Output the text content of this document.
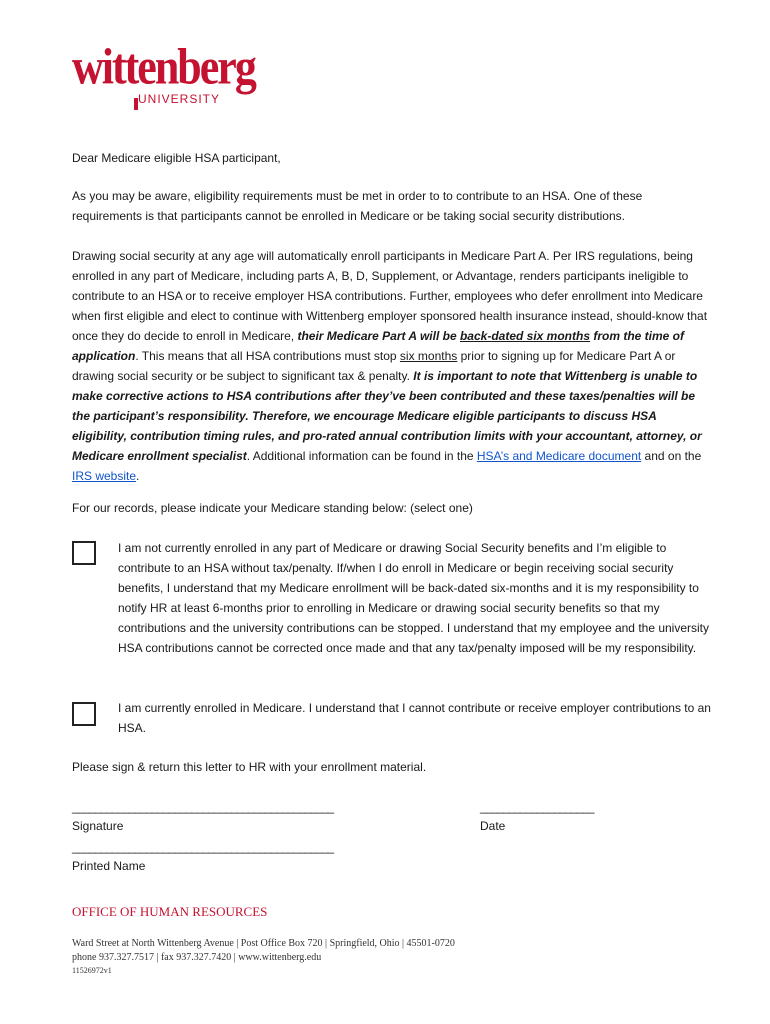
wittenberg
UNIVERSITY
Dear Medicare eligible HSA participant,
As you may be aware, eligibility requirements must be met in order to to contribute to an HSA. One of these requirements is that participants cannot be enrolled in Medicare or be taking social security distributions.
Drawing social security at any age will automatically enroll participants in Medicare Part A. Per IRS regulations, being enrolled in any part of Medicare, including parts A, B, D, Supplement, or Advantage, renders participants ineligible to contribute to an HSA or to receive employer HSA contributions. Further, employees who defer enrollment into Medicare when first eligible and elect to continue with Wittenberg employer sponsored health insurance instead, should-know that once they do decide to enroll in Medicare, their Medicare Part A will be back-dated six months from the time of application. This means that all HSA contributions must stop six months prior to signing up for Medicare Part A or drawing social security or be subject to significant tax & penalty. It is important to note that Wittenberg is unable to make corrective actions to HSA contributions after they’ve been contributed and these taxes/penalties will be the participant’s responsibility. Therefore, we encourage Medicare eligible participants to discuss HSA eligibility, contribution timing rules, and pro-rated annual contribution limits with your accountant, attorney, or Medicare enrollment specialist. Additional information can be found in the HSA’s and Medicare document and on the IRS website.
For our records, please indicate your Medicare standing below: (select one)
I am not currently enrolled in any part of Medicare or drawing Social Security benefits and I’m eligible to contribute to an HSA without tax/penalty. If/when I do enroll in Medicare or begin receiving social security benefits, I understand that my Medicare enrollment will be back-dated six-months and it is my responsibility to notify HR at least 6-months prior to enrolling in Medicare or drawing social security benefits so that my contributions and the university contributions can be stopped. I understand that my employee and the university HSA contributions cannot be corrected once made and that any tax/penalty imposed will be my responsibility.
I am currently enrolled in Medicare. I understand that I cannot contribute or receive employer contributions to an HSA.
Please sign & return this letter to HR with your enrollment material.
______________________________________________	____________________
Signature	Date
______________________________________________
Printed Name
OFFICE OF HUMAN RESOURCES
Ward Street at North Wittenberg Avenue | Post Office Box 720 | Springfield, Ohio | 45501-0720
phone 937.327.7517 | fax 937.327.7420 | www.wittenberg.edu
11526972v1
